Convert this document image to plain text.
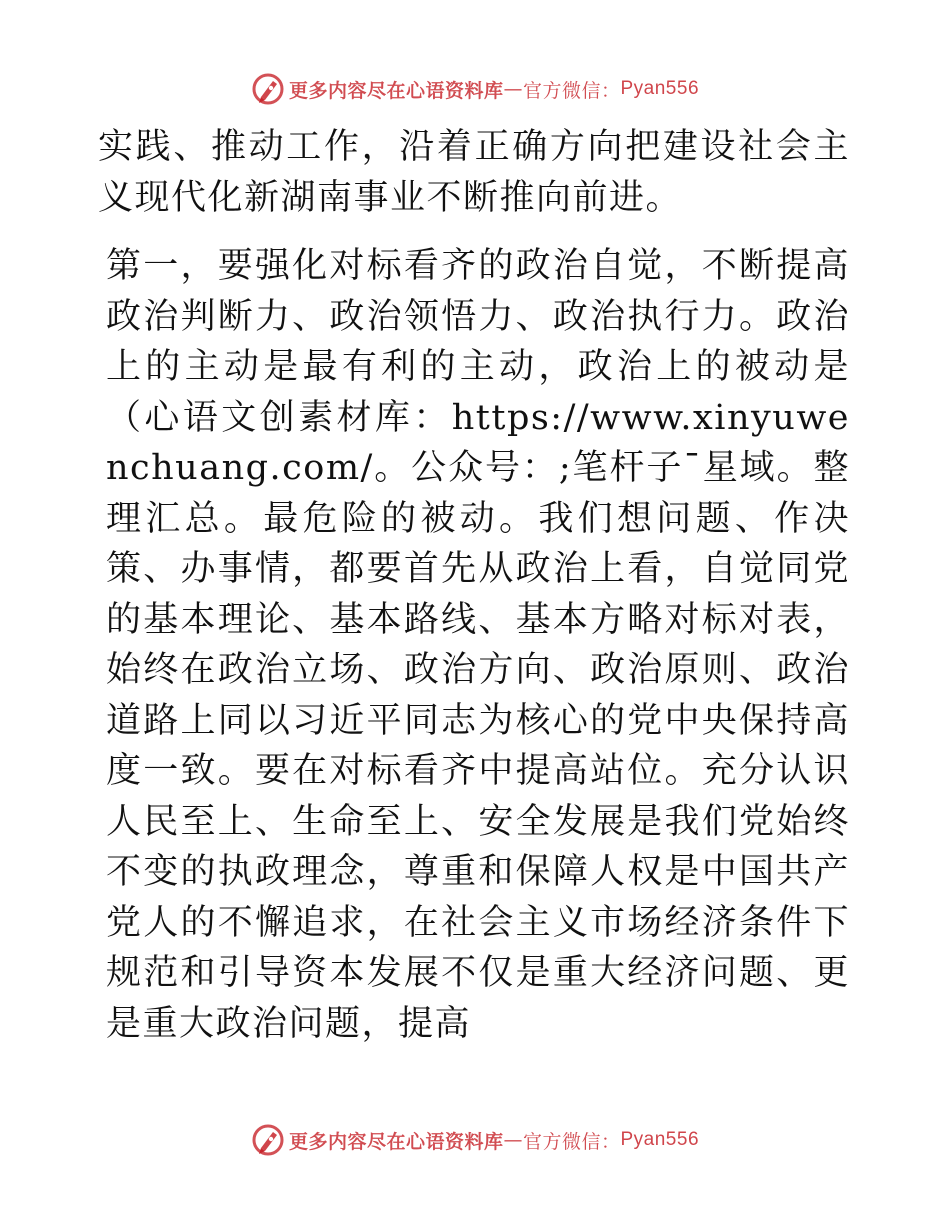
更多内容尽在心语资料库 — 官方微信： Pyan556

实践、推动工作，沿着正确方向把建设社会主义现代化新湖南事业不断推向前进。

第一，要强化对标看齐的政治自觉，不断提高政治判断力、政治领悟力、政治执行力。政治上的主动是最有利的主动，政治上的被动是（心语文创素材库：https://www.xinyuwenchuang.com/。公众号：;笔杆子¯星域。整理汇总。最危险的被动。我们想问题、作决策、办事情，都要首先从政治上看，自觉同党的基本理论、基本路线、基本方略对标对表，始终在政治立场、政治方向、政治原则、政治道路上同以习近平同志为核心的党中央保持高度一致。要在对标看齐中提高站位。充分认识人民至上、生命至上、安全发展是我们党始终不变的执政理念，尊重和保障人权是中国共产党人的不懈追求，在社会主义市场经济条件下规范和引导资本发展不仅是重大经济问题、更是重大政治问题，提高

更多内容尽在心语资料库 — 官方微信： Pyan556
